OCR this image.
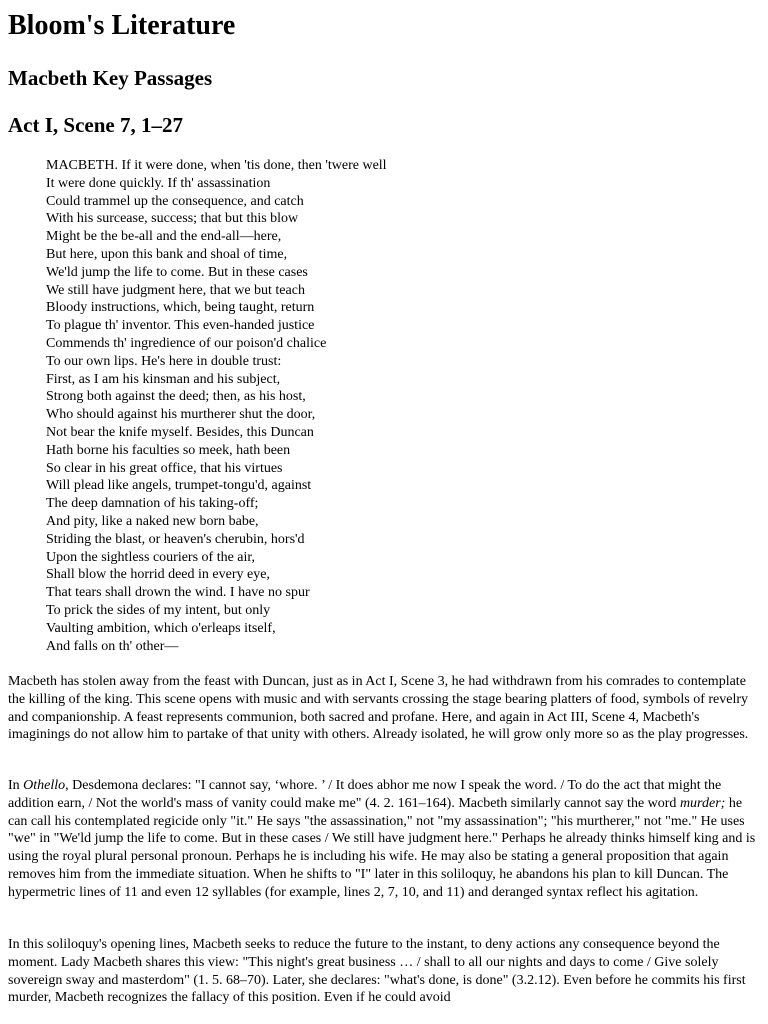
Bloom's Literature
Macbeth Key Passages
Act I, Scene 7, 1–27
MACBETH. If it were done, when 'tis done, then 'twere well
It were done quickly. If th' assassination
Could trammel up the consequence, and catch
With his surcease, success; that but this blow
Might be the be-all and the end-all—here,
But here, upon this bank and shoal of time,
We'ld jump the life to come. But in these cases
We still have judgment here, that we but teach
Bloody instructions, which, being taught, return
To plague th' inventor. This even-handed justice
Commends th' ingredience of our poison'd chalice
To our own lips. He's here in double trust:
First, as I am his kinsman and his subject,
Strong both against the deed; then, as his host,
Who should against his murtherer shut the door,
Not bear the knife myself. Besides, this Duncan
Hath borne his faculties so meek, hath been
So clear in his great office, that his virtues
Will plead like angels, trumpet-tongu'd, against
The deep damnation of his taking-off;
And pity, like a naked new born babe,
Striding the blast, or heaven's cherubin, hors'd
Upon the sightless couriers of the air,
Shall blow the horrid deed in every eye,
That tears shall drown the wind. I have no spur
To prick the sides of my intent, but only
Vaulting ambition, which o'erleaps itself,
And falls on th' other—

Macbeth has stolen away from the feast with Duncan, just as in Act I, Scene 3, he had withdrawn from his comrades to contemplate the killing of the king. This scene opens with music and with servants crossing the stage bearing platters of food, symbols of revelry and companionship. A feast represents communion, both sacred and profane. Here, and again in Act III, Scene 4, Macbeth's imaginings do not allow him to partake of that unity with others. Already isolated, he will grow only more so as the play progresses.

In Othello, Desdemona declares: "I cannot say, ‘whore. ’ / It does abhor me now I speak the word. / To do the act that might the addition earn, / Not the world's mass of vanity could make me" (4. 2. 161–164). Macbeth similarly cannot say the word murder; he can call his contemplated regicide only "it." He says "the assassination," not "my assassination"; "his murtherer," not "me." He uses "we" in "We'ld jump the life to come. But in these cases / We still have judgment here." Perhaps he already thinks himself king and is using the royal plural personal pronoun. Perhaps he is including his wife. He may also be stating a general proposition that again removes him from the immediate situation. When he shifts to "I" later in this soliloquy, he abandons his plan to kill Duncan. The hypermetric lines of 11 and even 12 syllables (for example, lines 2, 7, 10, and 11) and deranged syntax reflect his agitation.

In this soliloquy's opening lines, Macbeth seeks to reduce the future to the instant, to deny actions any consequence beyond the moment. Lady Macbeth shares this view: "This night's great business … / shall to all our nights and days to come / Give solely sovereign sway and masterdom" (1. 5. 68–70). Later, she declares: "what's done, is done" (3.2.12). Even before he commits his first murder, Macbeth recognizes the fallacy of this position. Even if he could avoid
